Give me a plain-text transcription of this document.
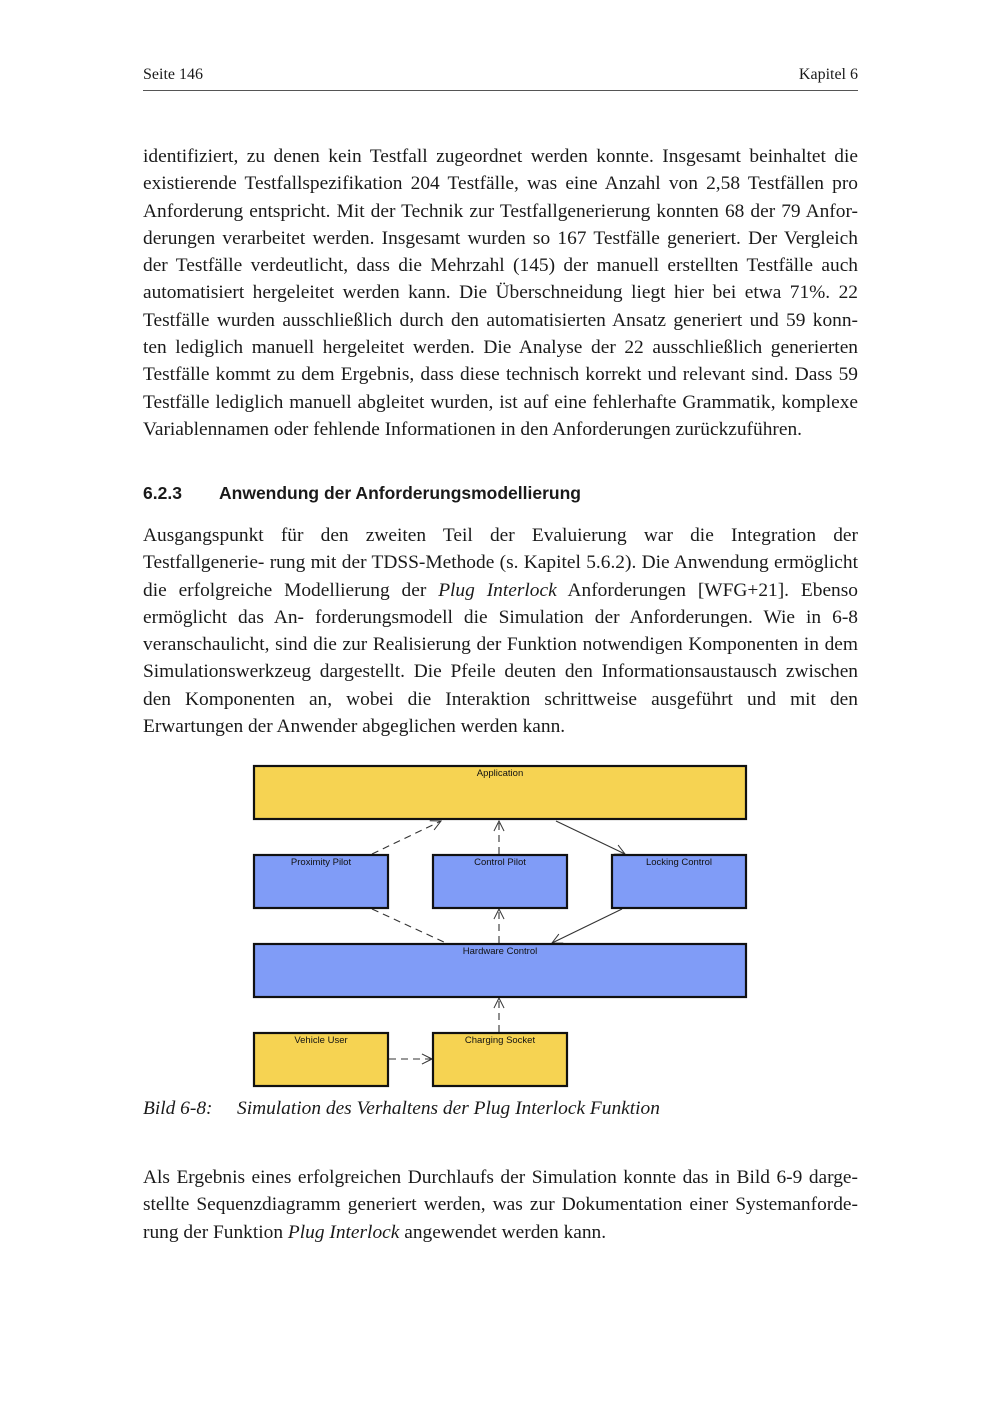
Seite 146	Kapitel 6

identifiziert, zu denen kein Testfall zugeordnet werden konnte. Insgesamt beinhaltet die existierende Testfallspezifikation 204 Testfälle, was eine Anzahl von 2,58 Testfällen pro Anforderung entspricht. Mit der Technik zur Testfallgenerierung konnten 68 der 79 Anfor- derungen verarbeitet werden. Insgesamt wurden so 167 Testfälle generiert. Der Vergleich der Testfälle verdeutlicht, dass die Mehrzahl (145) der manuell erstellten Testfälle auch automatisiert hergeleitet werden kann. Die Überschneidung liegt hier bei etwa 71%. 22 Testfälle wurden ausschließlich durch den automatisierten Ansatz generiert und 59 konn- ten lediglich manuell hergeleitet werden. Die Analyse der 22 ausschließlich generierten Testfälle kommt zu dem Ergebnis, dass diese technisch korrekt und relevant sind. Dass 59 Testfälle lediglich manuell abgleitet wurden, ist auf eine fehlerhafte Grammatik, komplexe Variablennamen oder fehlende Informationen in den Anforderungen zurückzuführen.

6.2.3 Anwendung der Anforderungsmodellierung

Ausgangspunkt für den zweiten Teil der Evaluierung war die Integration der Testfallgenerie- rung mit der TDSS-Methode (s. Kapitel 5.6.2). Die Anwendung ermöglicht die erfolgreiche Modellierung der Plug Interlock Anforderungen [WFG+21]. Ebenso ermöglicht das An- forderungsmodell die Simulation der Anforderungen. Wie in 6-8 veranschaulicht, sind die zur Realisierung der Funktion notwendigen Komponenten in dem Simulationswerkzeug dargestellt. Die Pfeile deuten den Informationsaustausch zwischen den Komponenten an, wobei die Interaktion schrittweise ausgeführt und mit den Erwartungen der Anwender abgeglichen werden kann.

Application
Proximity Pilot	Control Pilot	Locking Control
Hardware Control
Vehicle User	Charging Socket
Bild 6-8: Simulation des Verhaltens der Plug Interlock Funktion

Als Ergebnis eines erfolgreichen Durchlaufs der Simulation konnte das in Bild 6-9 darge- stellte Sequenzdiagramm generiert werden, was zur Dokumentation einer Systemanforde- rung der Funktion Plug Interlock angewendet werden kann.
